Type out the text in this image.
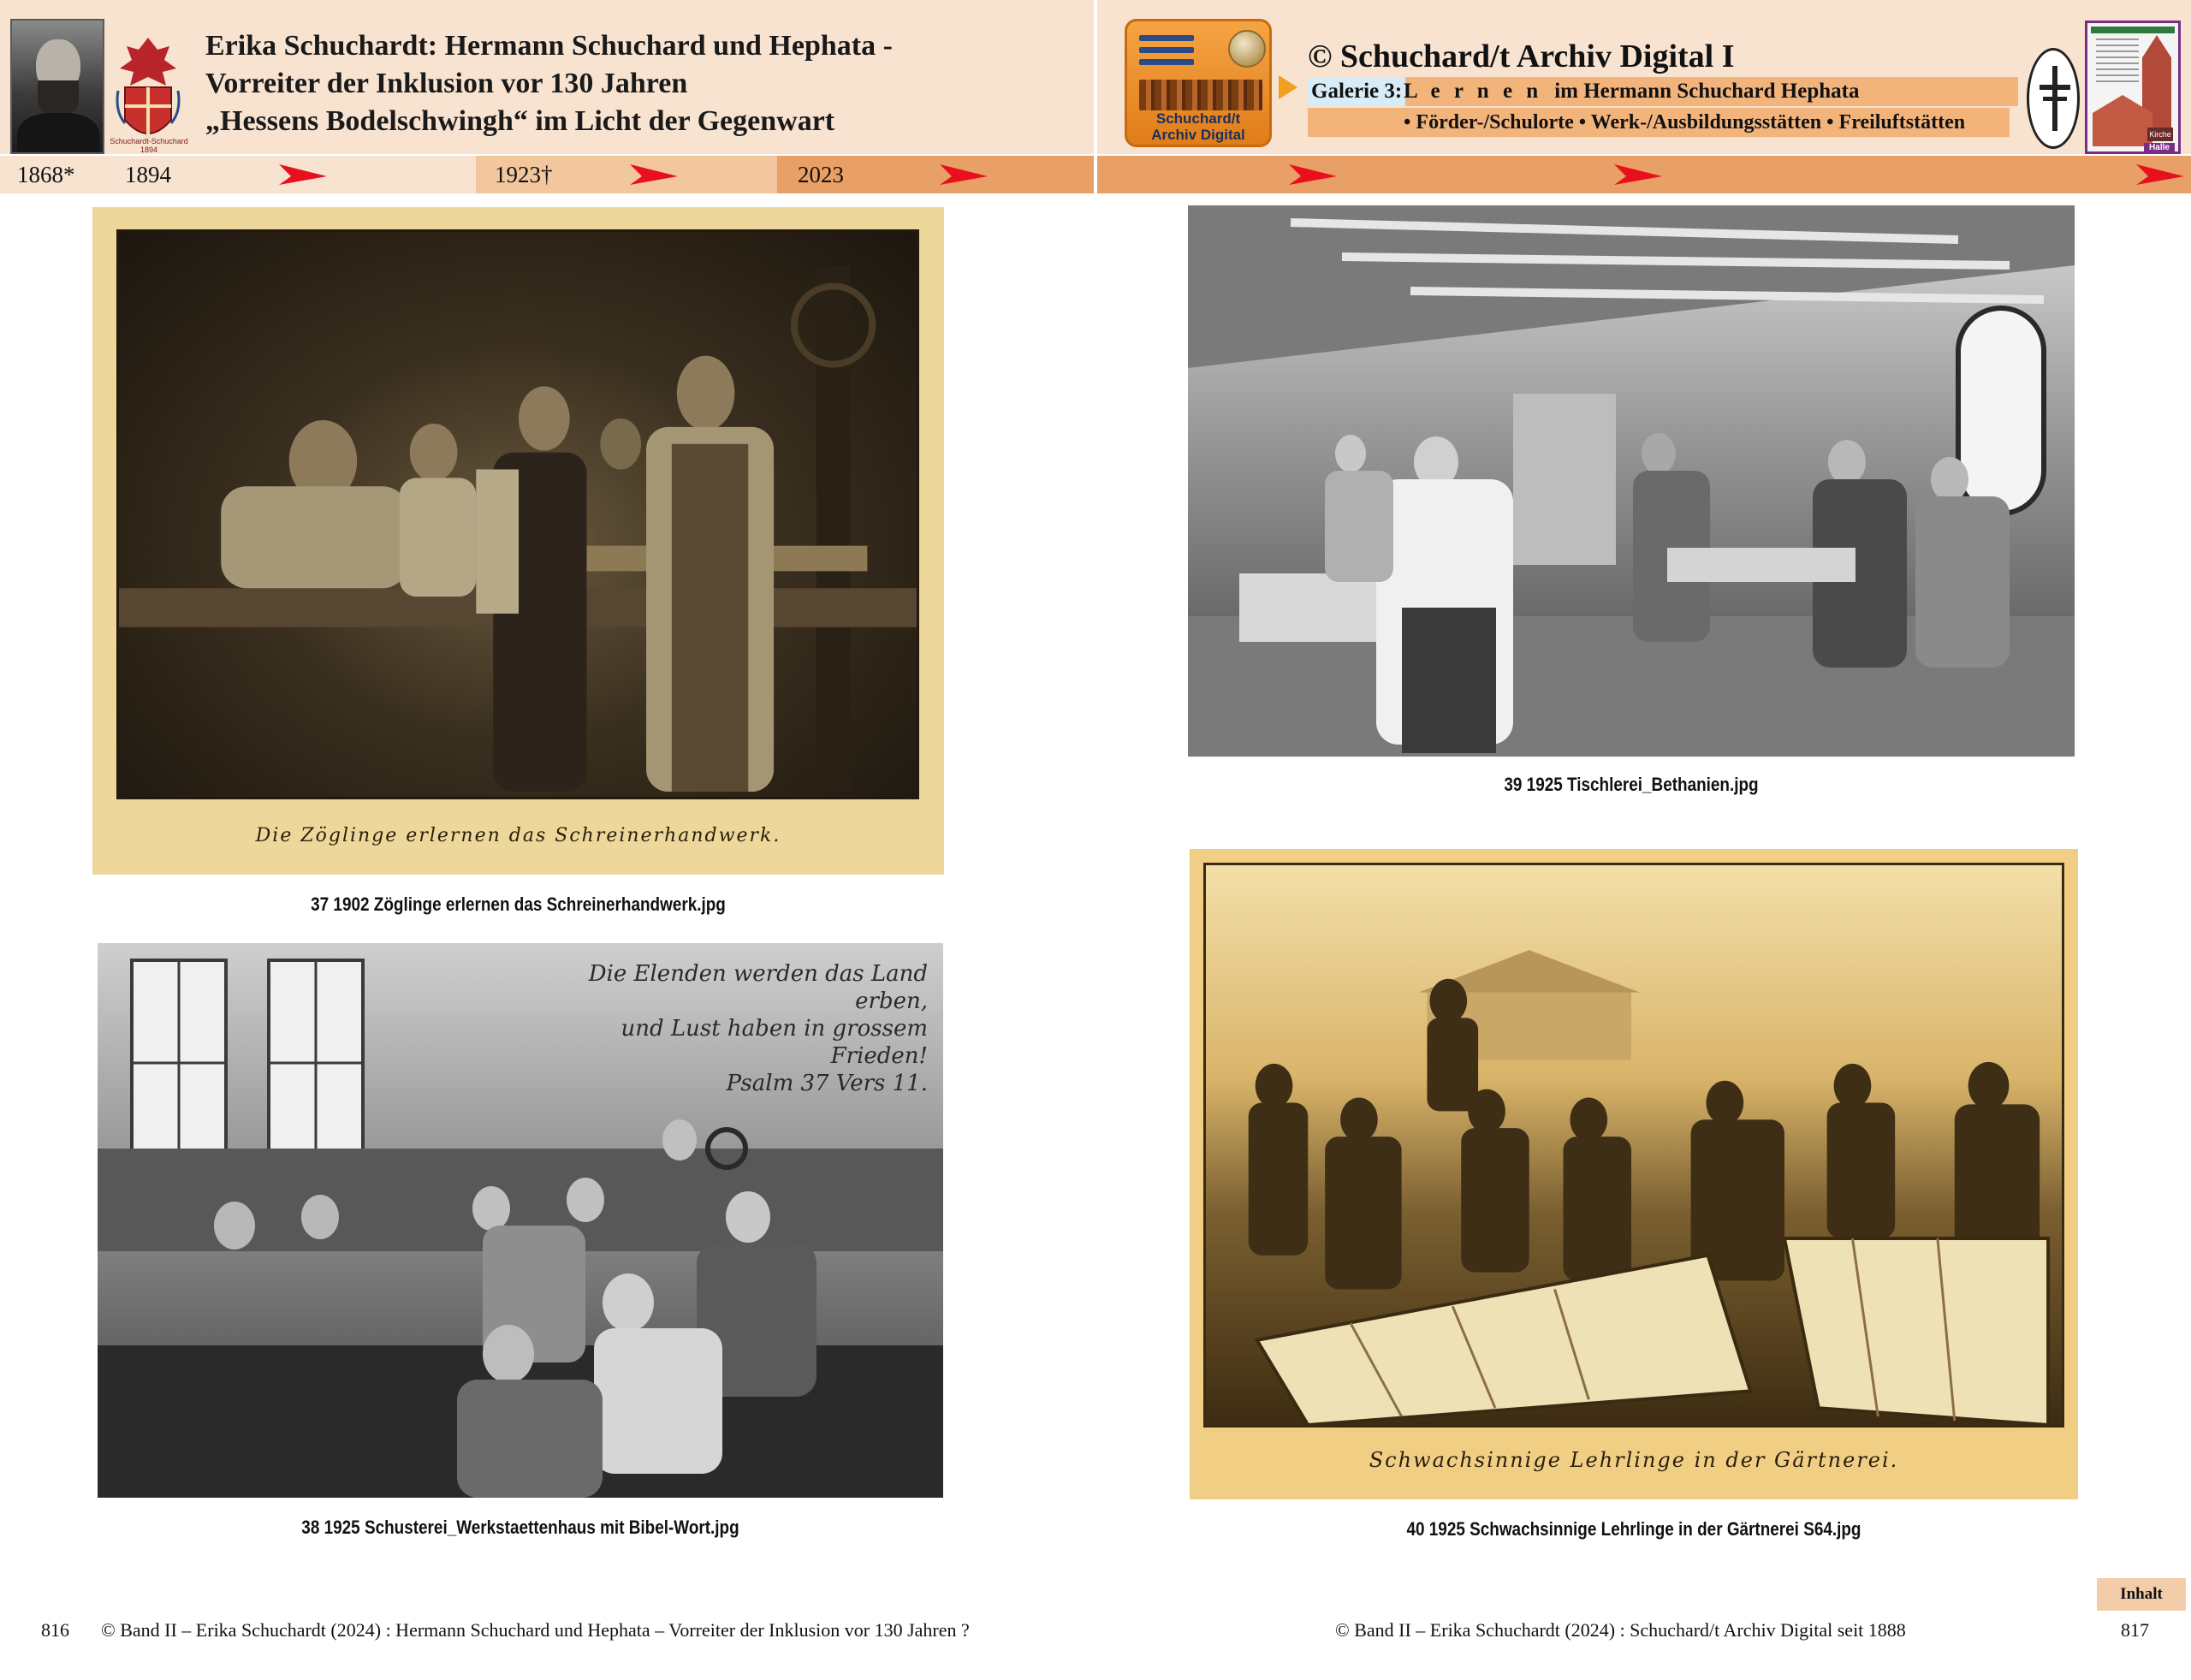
Schuchardt-Schuchard 1894
Erika Schuchardt: Hermann Schuchard und Hephata -
Vorreiter der Inklusion vor 130 Jahren
„Hessens Bodelschwingh“ im Licht der Gegenwart	Schuchard/t
Archiv Digital
© Schuchard/t Archiv Digital I
Galerie 3: L e r n e n im Hermann Schuchard Hephata
• Förder-/Schulorte • Werk-/Ausbildungsstätten • Freiluftstätten
Kirche
Halle
1868* 1894	1923†	2023
Die Zöglinge erlernen das Schreinerhandwerk.
37 1902 Zöglinge erlernen das Schreinerhandwerk.jpg
Die Elenden werden das Land erben,
und Lust haben in grossem Frieden!
Psalm 37 Vers 11.
38 1925 Schusterei_Werkstaettenhaus mit Bibel-Wort.jpg
39 1925 Tischlerei_Bethanien.jpg
Schwachsinnige Lehrlinge in der Gärtnerei.
40 1925 Schwachsinnige Lehrlinge in der Gärtnerei S64.jpg
Inhalt
816 © Band II – Erika Schuchardt (2024) : Hermann Schuchard und Hephata – Vorreiter der Inklusion vor 130 Jahren ?	© Band II – Erika Schuchardt (2024) : Schuchard/t Archiv Digital seit 1888	817
